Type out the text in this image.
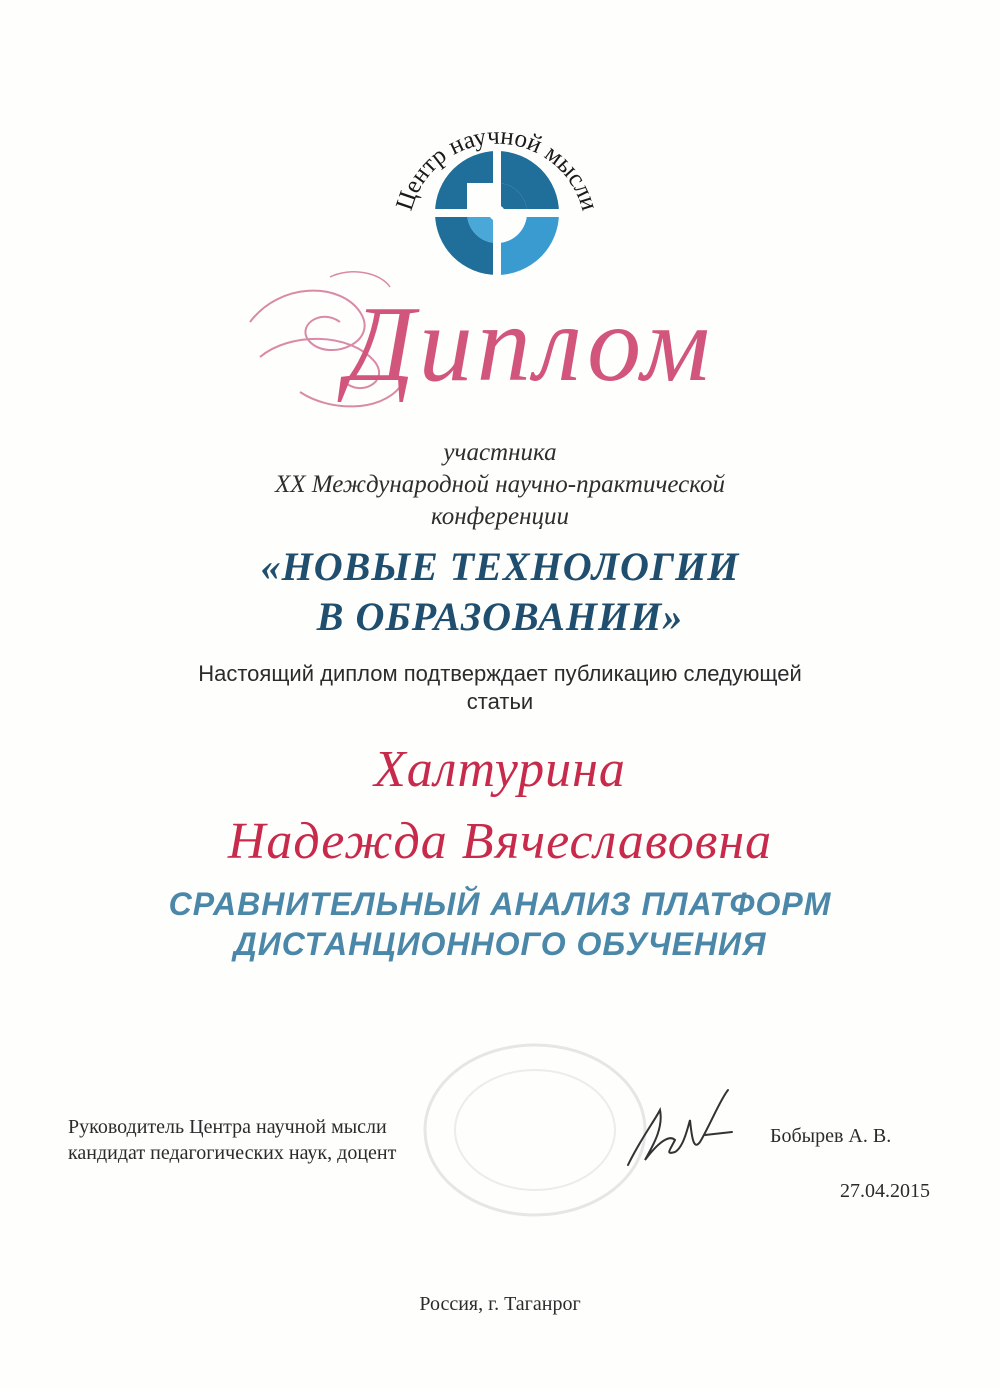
Центр научной мысли
Диплом
участника
XX Международной научно-практической
конференции
«НОВЫЕ ТЕХНОЛОГИИ
В ОБРАЗОВАНИИ»
Настоящий диплом подтверждает публикацию следующей
статьи
Халтурина
Надежда Вячеславовна
СРАВНИТЕЛЬНЫЙ АНАЛИЗ ПЛАТФОРМ
ДИСТАНЦИОННОГО ОБУЧЕНИЯ
Руководитель Центра научной мысли
кандидат педагогических наук, доцент
Бобырев А. В.
27.04.2015
Россия, г. Таганрог
